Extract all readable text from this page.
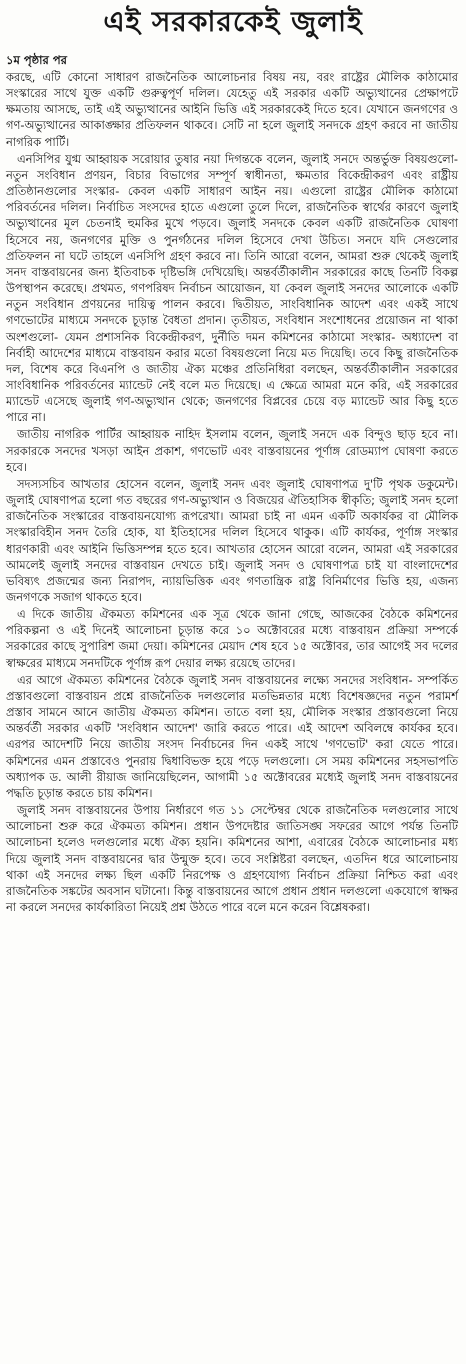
এই সরকারকেই জুলাই
১ম পৃষ্ঠার পর

করছে, এটি কোনো সাধারণ রাজনৈতিক আলোচনার বিষয় নয়, বরং রাষ্ট্রের মৌলিক কাঠামোর সংস্কারের সাথে যুক্ত একটি গুরুত্বপূর্ণ দলিল। যেহেতু এই সরকার একটি অভ্যুত্থানের প্রেক্ষাপটে ক্ষমতায় আসছে, তাই এই অভ্যুত্থানের আইনি ভিত্তি এই সরকারকেই দিতে হবে। যেখানে জনগণের ও গণ-অভ্যুত্থানের আকাঙ্ক্ষার প্রতিফলন থাকবে। সেটি না হলে জুলাই সনদকে গ্রহণ করবে না জাতীয় নাগরিক পার্টি।

এনসিপির যুগ্ম আহ্বায়ক সরোয়ার তুষার নয়া দিগন্তকে বলেন, জুলাই সনদে অন্তর্ভুক্ত বিষয়গুলো- নতুন সংবিধান প্রণয়ন, বিচার বিভাগের সম্পূর্ণ স্বাধীনতা, ক্ষমতার বিকেন্দ্রীকরণ এবং রাষ্ট্রীয় প্রতিষ্ঠানগুলোর সংস্কার- কেবল একটি সাধারণ আইন নয়। এগুলো রাষ্ট্রের মৌলিক কাঠামো পরিবর্তনের দলিল। নির্বাচিত সংসদের হাতে এগুলো তুলে দিলে, রাজনৈতিক স্বার্থের কারণে জুলাই অভ্যুত্থানের মূল চেতনাই হুমকির মুখে পড়বে। জুলাই সনদকে কেবল একটি রাজনৈতিক ঘোষণা হিসেবে নয়, জনগণের মুক্তি ও পুনর্গঠনের দলিল হিসেবে দেখা উচিত। সনদে যদি সেগুলোর প্রতিফলন না ঘটে তাহলে এনসিপি গ্রহণ করবে না। তিনি আরো বলেন, আমরা শুরু থেকেই জুলাই সনদ বাস্তবায়নের জন্য ইতিবাচক দৃষ্টিভঙ্গি দেখিয়েছি। অন্তর্বর্তীকালীন সরকারের কাছে তিনটি বিকল্প উপস্থাপন করেছে। প্রথমত, গণপরিষদ নির্বাচন আয়োজন, যা কেবল জুলাই সনদের আলোকে একটি নতুন সংবিধান প্রণয়নের দায়িত্ব পালন করবে। দ্বিতীয়ত, সাংবিধানিক আদেশ এবং একই সাথে গণভোটের মাধ্যমে সনদকে চূড়ান্ত বৈধতা প্রদান। তৃতীয়ত, সংবিধান সংশোধনের প্রয়োজন না থাকা অংশগুলো- যেমন প্রশাসনিক বিকেন্দ্রীকরণ, দুর্নীতি দমন কমিশনের কাঠামো সংস্কার- অধ্যাদেশ বা নির্বাহী আদেশের মাধ্যমে বাস্তবায়ন করার মতো বিষয়গুলো নিয়ে মত দিয়েছি। তবে কিছু রাজনৈতিক দল, বিশেষ করে বিএনপি ও জাতীয় ঐক্য মঞ্চের প্রতিনিধিরা বলছেন, অন্তর্বর্তীকালীন সরকারের সাংবিধানিক পরিবর্তনের ম্যান্ডেট নেই বলে মত দিয়েছে। এ ক্ষেত্রে আমরা মনে করি, এই সরকারের ম্যান্ডেট এসেছে জুলাই গণ-অভ্যুত্থান থেকে; জনগণের বিপ্লবের চেয়ে বড় ম্যান্ডেট আর কিছু হতে পারে না।

জাতীয় নাগরিক পার্টির আহ্বায়ক নাহিদ ইসলাম বলেন, জুলাই সনদে এক বিন্দুও ছাড় হবে না। সরকারকে সনদের খসড়া আইন প্রকাশ, গণভোট এবং বাস্তবায়নের পূর্ণাঙ্গ রোডম্যাপ ঘোষণা করতে হবে।

সদস্যসচিব আখতার হোসেন বলেন, জুলাই সনদ এবং জুলাই ঘোষণাপত্র দু'টি পৃথক ডকুমেন্ট। জুলাই ঘোষণাপত্র হলো গত বছরের গণ-অভ্যুত্থান ও বিজয়ের ঐতিহাসিক স্বীকৃতি; জুলাই সনদ হলো রাজনৈতিক সংস্কারের বাস্তবায়নযোগ্য রূপরেখা। আমরা চাই না এমন একটি অকার্যকর বা মৌলিক সংস্কারবিহীন সনদ তৈরি হোক, যা ইতিহাসের দলিল হিসেবে থাকুক। এটি কার্যকর, পূর্ণাঙ্গ সংস্কার ধারণকারী এবং আইনি ভিত্তিসম্পন্ন হতে হবে। আখতার হোসেন আরো বলেন, আমরা এই সরকারের আমলেই জুলাই সনদের বাস্তবায়ন দেখতে চাই। জুলাই সনদ ও ঘোষণাপত্র চাই যা বাংলাদেশের ভবিষ্যৎ প্রজন্মের জন্য নিরাপদ, ন্যায়ভিত্তিক এবং গণতান্ত্রিক রাষ্ট্র বিনির্মাণের ভিত্তি হয়, এজন্য জনগণকে সজাগ থাকতে হবে।

এ দিকে জাতীয় ঐকমত্য কমিশনের এক সূত্র থেকে জানা গেছে, আজকের বৈঠকে কমিশনের পরিকল্পনা ও এই দিনেই আলোচনা চূড়ান্ত করে ১০ অক্টোবরের মধ্যে বাস্তবায়ন প্রক্রিয়া সম্পর্কে সরকারের কাছে সুপারিশ জমা দেয়া। কমিশনের মেয়াদ শেষ হবে ১৫ অক্টোবর, তার আগেই সব দলের স্বাক্ষরের মাধ্যমে সনদটিকে পূর্ণাঙ্গ রূপ দেয়ার লক্ষ্য রয়েছে তাদের।

এর আগে ঐকমত্য কমিশনের বৈঠকে জুলাই সনদ বাস্তবায়নের লক্ষ্যে সনদের সংবিধান- সম্পর্কিত প্রস্তাবগুলো বাস্তবায়ন প্রশ্নে রাজনৈতিক দলগুলোর মতভিন্নতার মধ্যে বিশেষজ্ঞদের নতুন পরামর্শ প্রস্তাব সামনে আনে জাতীয় ঐকমত্য কমিশন। তাতে বলা হয়, মৌলিক সংস্কার প্রস্তাবগুলো নিয়ে অন্তর্বর্তী সরকার একটি 'সংবিধান আদেশ' জারি করতে পারে। এই আদেশ অবিলম্বে কার্যকর হবে। এরপর আদেশটি নিয়ে জাতীয় সংসদ নির্বাচনের দিন একই সাথে 'গণভোট' করা যেতে পারে। কমিশনের এমন প্রস্তাবেও পুনরায় দ্বিধাবিভক্ত হয়ে পড়ে দলগুলো। সে সময় কমিশনের সহসভাপতি অধ্যাপক ড. আলী রীয়াজ জানিয়েছিলেন, আগামী ১৫ অক্টোবরের মধ্যেই জুলাই সনদ বাস্তবায়নের পদ্ধতি চূড়ান্ত করতে চায় কমিশন।

জুলাই সনদ বাস্তবায়নের উপায় নির্ধারণে গত ১১ সেপ্টেম্বর থেকে রাজনৈতিক দলগুলোর সাথে আলোচনা শুরু করে ঐকমত্য কমিশন। প্রধান উপদেষ্টার জাতিসঙ্ঘ সফরের আগে পর্যন্ত তিনটি আলোচনা হলেও দলগুলোর মধ্যে ঐক্য হয়নি। কমিশনের আশা, এবারের বৈঠকে আলোচনার মধ্য দিয়ে জুলাই সনদ বাস্তবায়নের দ্বার উন্মুক্ত হবে। তবে সংশ্লিষ্টরা বলছেন, এতদিন ধরে আলোচনায় থাকা এই সনদের লক্ষ্য ছিল একটি নিরপেক্ষ ও গ্রহণযোগ্য নির্বাচন প্রক্রিয়া নিশ্চিত করা এবং রাজনৈতিক সঙ্কটের অবসান ঘটানো। কিন্তু বাস্তবায়নের আগে প্রধান প্রধান দলগুলো একযোগে স্বাক্ষর না করলে সনদের কার্যকারিতা নিয়েই প্রশ্ন উঠতে পারে বলে মনে করেন বিশ্লেষকরা।
